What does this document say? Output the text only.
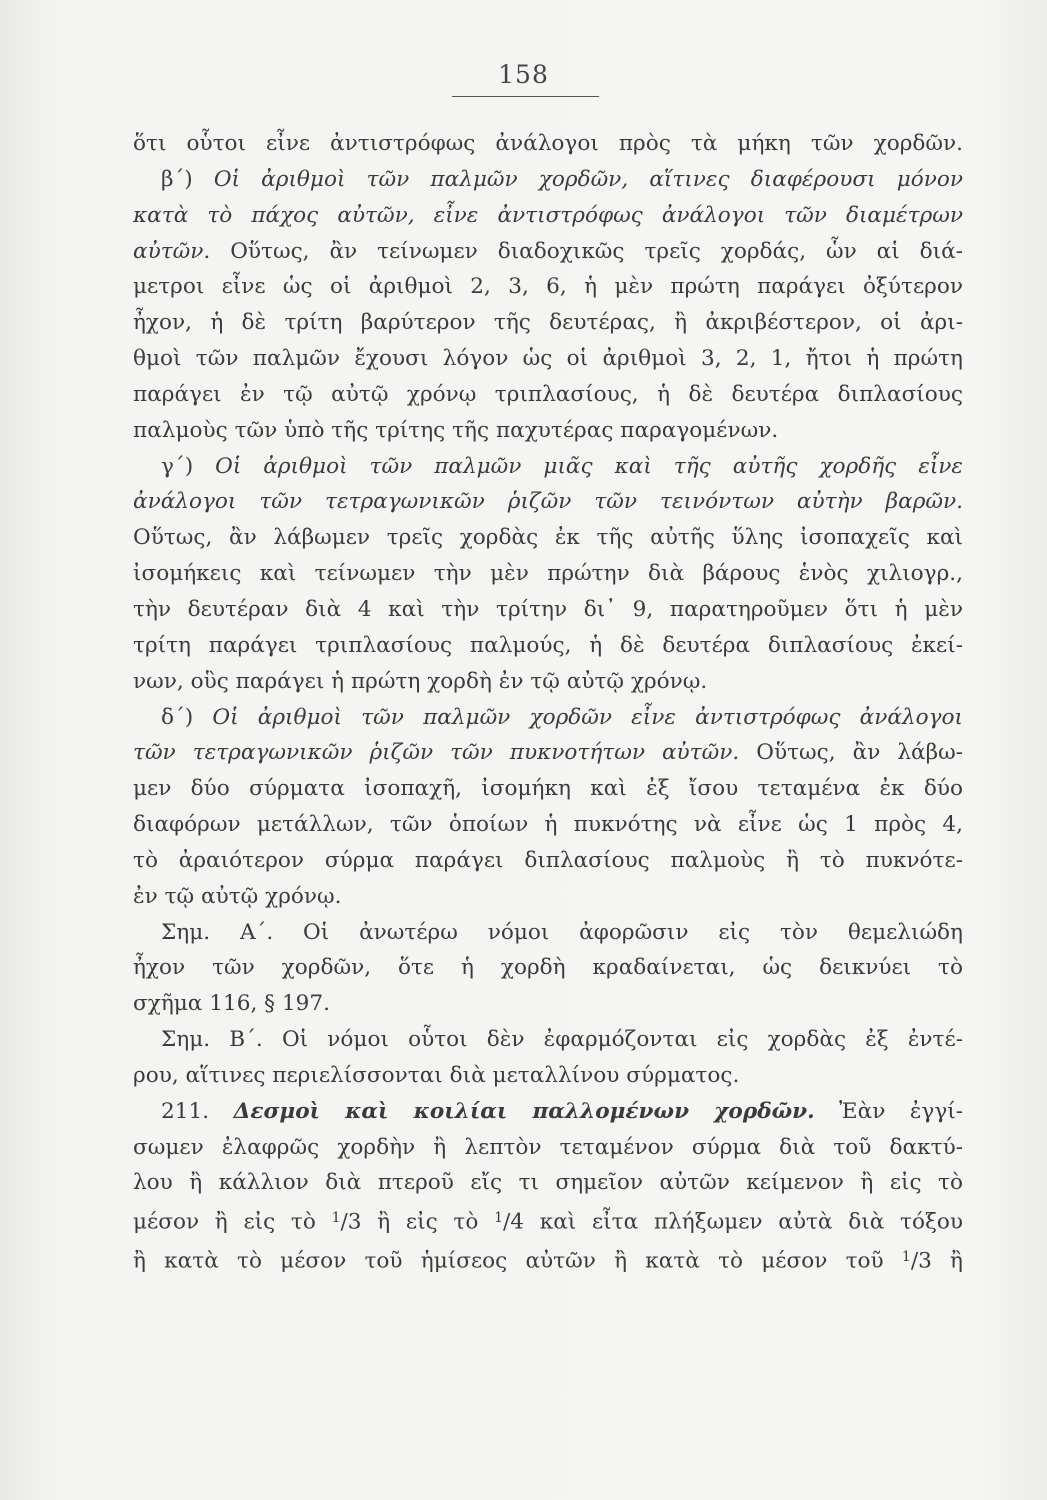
158
ὅτι οὗτοι εἶνε ἀντιστρόφως ἀνάλογοι πρὸς τὰ μήκη τῶν χορδῶν.
β΄) Οἱ ἀριθμοὶ τῶν παλμῶν χορδῶν, αἵτινες διαφέρουσι μόνον
κατὰ τὸ πάχος αὐτῶν, εἶνε ἀντιστρόφως ἀνάλογοι τῶν διαμέτρων
αὐτῶν. Οὕτως, ἂν τείνωμεν διαδοχικῶς τρεῖς χορδάς, ὧν αἱ διά-
μετροι εἶνε ὡς οἱ ἀριθμοὶ 2, 3, 6, ἡ μὲν πρώτη παράγει ὀξύτερον
ἦχον, ἡ δὲ τρίτη βαρύτερον τῆς δευτέρας, ἢ ἀκριβέστερον, οἱ ἀρι-
θμοὶ τῶν παλμῶν ἔχουσι λόγον ὡς οἱ ἀριθμοὶ 3, 2, 1, ἤτοι ἡ πρώτη
παράγει ἐν τῷ αὐτῷ χρόνῳ τριπλασίους, ἡ δὲ δευτέρα διπλασίους
παλμοὺς τῶν ὑπὸ τῆς τρίτης τῆς παχυτέρας παραγομένων.
γ΄) Οἱ ἀριθμοὶ τῶν παλμῶν μιᾶς καὶ τῆς αὐτῆς χορδῆς εἶνε
ἀνάλογοι τῶν τετραγωνικῶν ῥιζῶν τῶν τεινόντων αὐτὴν βαρῶν.
Οὕτως, ἂν λάβωμεν τρεῖς χορδὰς ἐκ τῆς αὐτῆς ὕλης ἰσοπαχεῖς καὶ
ἰσομήκεις καὶ τείνωμεν τὴν μὲν πρώτην διὰ βάρους ἑνὸς χιλιογρ.,
τὴν δευτέραν διὰ 4 καὶ τὴν τρίτην δι᾽ 9, παρατηροῦμεν ὅτι ἡ μὲν
τρίτη παράγει τριπλασίους παλμούς, ἡ δὲ δευτέρα διπλασίους ἐκεί-
νων, οὓς παράγει ἡ πρώτη χορδὴ ἐν τῷ αὐτῷ χρόνῳ.
δ΄) Οἱ ἀριθμοὶ τῶν παλμῶν χορδῶν εἶνε ἀντιστρόφως ἀνάλογοι
τῶν τετραγωνικῶν ῥιζῶν τῶν πυκνοτήτων αὐτῶν. Οὕτως, ἂν λάβω-
μεν δύο σύρματα ἰσοπαχῆ, ἰσομήκη καὶ ἐξ ἴσου τεταμένα ἐκ δύο
διαφόρων μετάλλων, τῶν ὁποίων ἡ πυκνότης νὰ εἶνε ὡς 1 πρὸς 4,
τὸ ἀραιότερον σύρμα παράγει διπλασίους παλμοὺς ἢ τὸ πυκνότε-
ἐν τῷ αὐτῷ χρόνῳ.
Σημ. Α΄. Οἱ ἀνωτέρω νόμοι ἀφορῶσιν εἰς τὸν θεμελιώδη
ἦχον τῶν χορδῶν, ὅτε ἡ χορδὴ κραδαίνεται, ὡς δεικνύει τὸ
σχῆμα 116, § 197.
Σημ. Β΄. Οἱ νόμοι οὗτοι δὲν ἐφαρμόζονται εἰς χορδὰς ἐξ ἐντέ-
ρου, αἵτινες περιελίσσονται διὰ μεταλλίνου σύρματος.
211. Δεσμοὶ καὶ κοιλίαι παλλομένων χορδῶν. Ἐὰν ἐγγί-
σωμεν ἐλαφρῶς χορδὴν ἢ λεπτὸν τεταμένον σύρμα διὰ τοῦ δακτύ-
λου ἢ κάλλιον διὰ πτεροῦ εἴς τι σημεῖον αὐτῶν κείμενον ἢ εἰς τὸ
μέσον ἢ εἰς τὸ $^1$/3 ἢ εἰς τὸ $^1$/4 καὶ εἶτα πλήξωμεν αὐτὰ διὰ τόξου
ἢ κατὰ τὸ μέσον τοῦ ἡμίσεος αὐτῶν ἢ κατὰ τὸ μέσον τοῦ $^1$/3 ἢ
